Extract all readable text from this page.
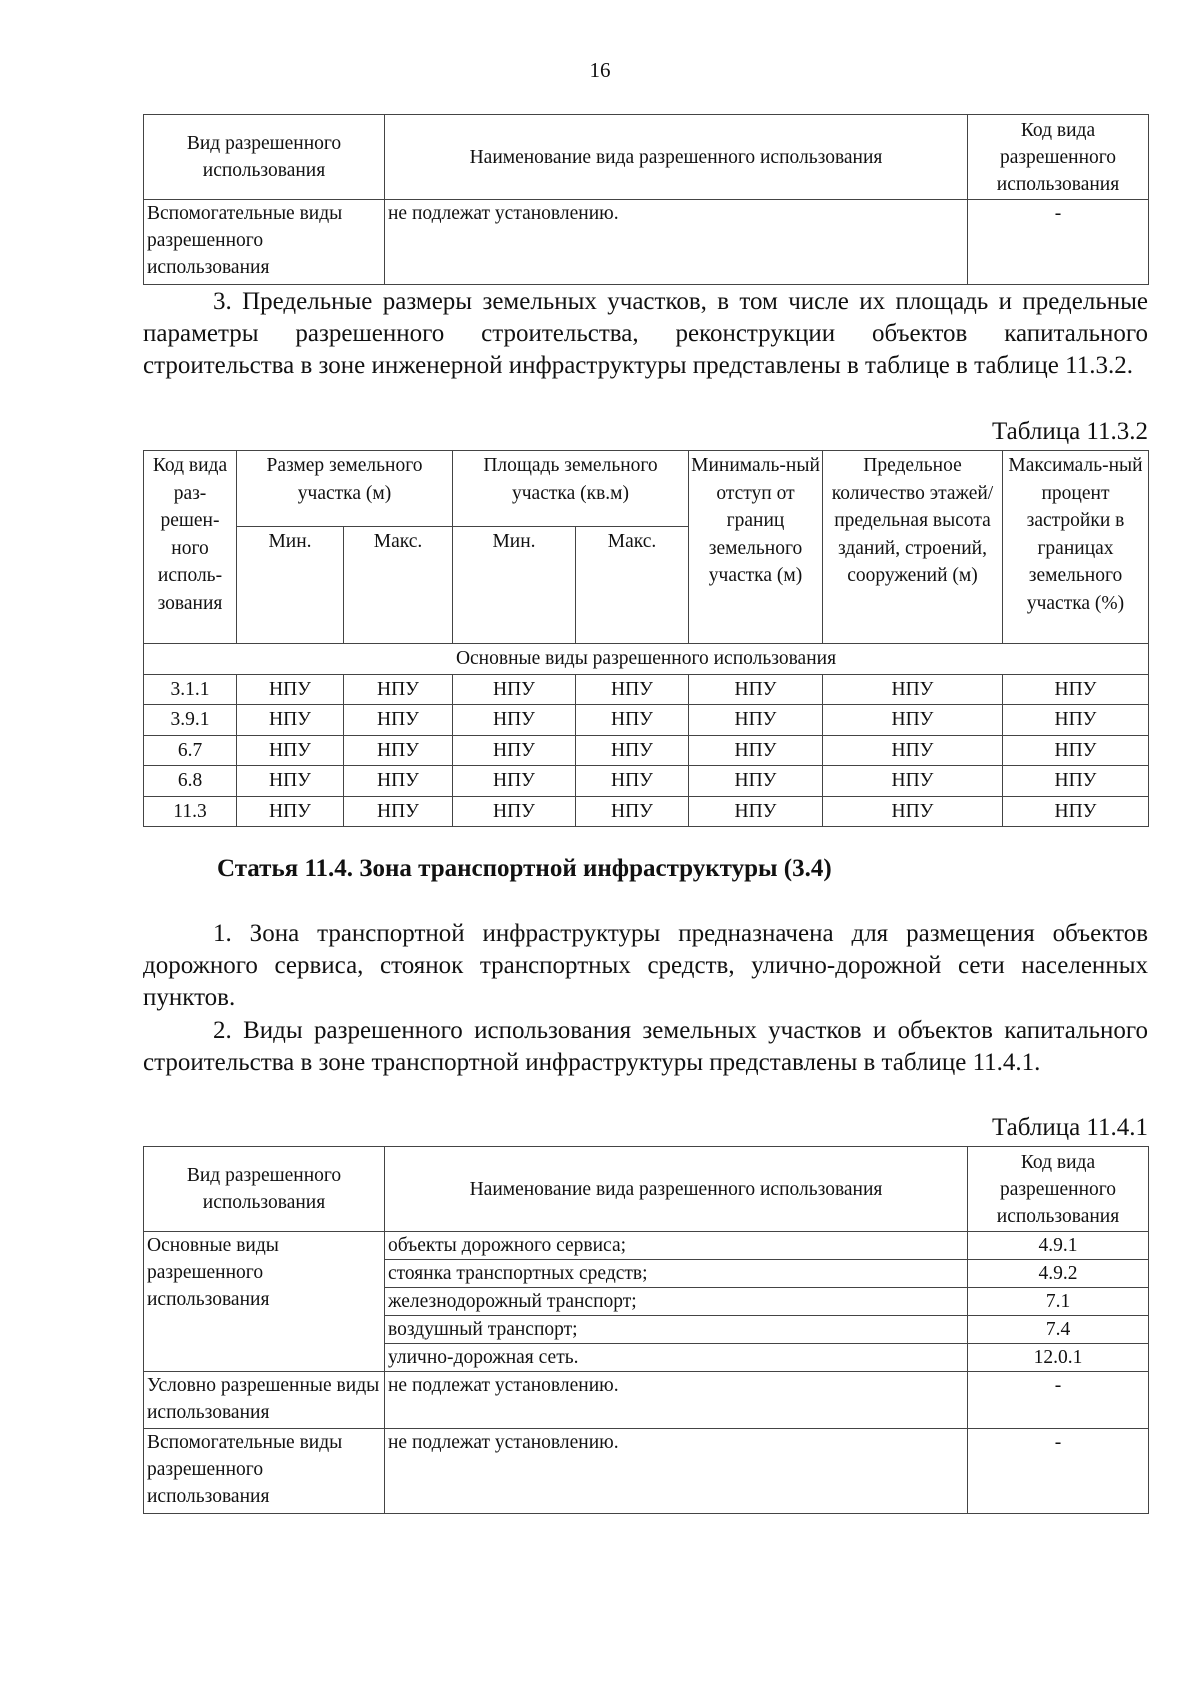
16
Вид разрешенного использования	Наименование вида разрешенного использования	Код вида разрешенного использования
Вспомогательные виды разрешенного использования	не подлежат установлению.	-

3. Предельные размеры земельных участков, в том числе их площадь и предельные параметры разрешенного строительства, реконструкции объектов капитального строительства в зоне инженерной инфраструктуры представлены в таблице в таблице 11.3.2.

Таблица 11.3.2
Код вида раз-решен-ного исполь-зования	Размер земельного участка (м)		Площадь земельного участка (кв.м)		Минималь-ный отступ от границ земельного участка (м)	Предельное количество этажей/ предельная высота зданий, строений, сооружений (м)	Максималь-ный процент застройки в границах земельного участка (%)
	Мин.	Макс.	Мин.	Макс.			
Основные виды разрешенного использования							
3.1.1	НПУ	НПУ	НПУ	НПУ	НПУ	НПУ	НПУ
3.9.1	НПУ	НПУ	НПУ	НПУ	НПУ	НПУ	НПУ
6.7	НПУ	НПУ	НПУ	НПУ	НПУ	НПУ	НПУ
6.8	НПУ	НПУ	НПУ	НПУ	НПУ	НПУ	НПУ
11.3	НПУ	НПУ	НПУ	НПУ	НПУ	НПУ	НПУ
Статья 11.4. Зона транспортной инфраструктуры (3.4)

1. Зона транспортной инфраструктуры предназначена для размещения объектов дорожного сервиса, стоянок транспортных средств, улично-дорожной сети населенных пунктов.

2. Виды разрешенного использования земельных участков и объектов капитального строительства в зоне транспортной инфраструктуры представлены в таблице 11.4.1.

Таблица 11.4.1
Вид разрешенного использования	Наименование вида разрешенного использования	Код вида разрешенного использования
Основные виды разрешенного использования	объекты дорожного сервиса;	4.9.1
	стоянка транспортных средств;	4.9.2
	железнодорожный транспорт;	7.1
	воздушный транспорт;	7.4
	улично-дорожная сеть.	12.0.1
Условно разрешенные виды использования	не подлежат установлению.	-
Вспомогательные виды разрешенного использования	не подлежат установлению.	-
